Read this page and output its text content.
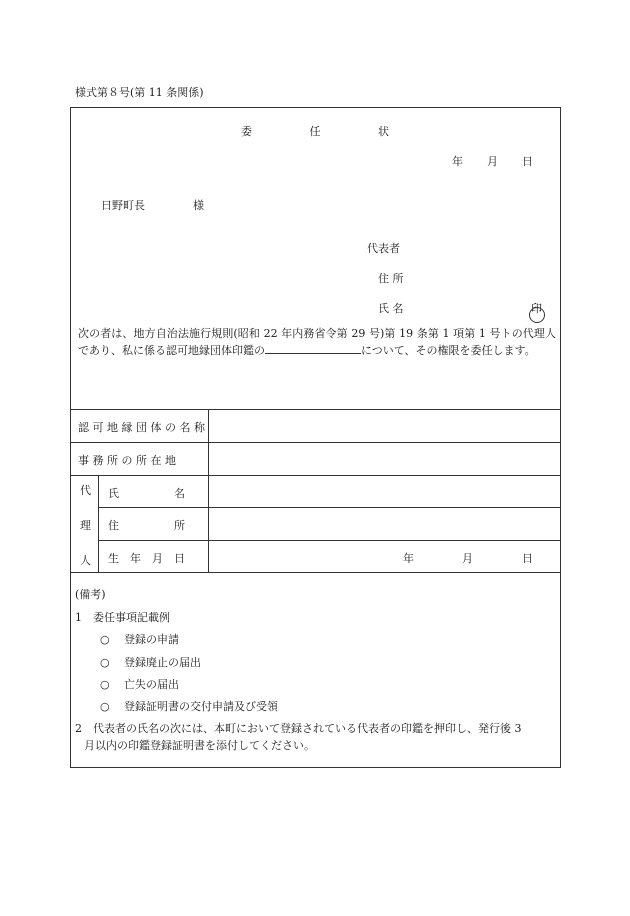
様式第８号(第 11 条関係)
委	任	状
年 月 日
日野町長	様
代表者
住 所
氏 名	印
次の者は、地方自治法施行規則(昭和 22 年内務省令第 29 号)第 19 条第 1 項第 1 号トの代理人であり、私に係る認可地縁団体印鑑の	について、その権限を委任します。
認 可 地 縁 団 体 の 名 称
事 務 所 の 所 在 地
代
理
人
氏　　　　　名
住　　　　　所
生　年　月　日	年	月	日
(備考)
1　委任事項記載例
○ 登録の申請
○ 登録廃止の届出
○ 亡失の届出
○ 登録証明書の交付申請及び受領
2　代表者の氏名の次には、本町において登録されている代表者の印鑑を押印し、発行後 3
月以内の印鑑登録証明書を添付してください。
